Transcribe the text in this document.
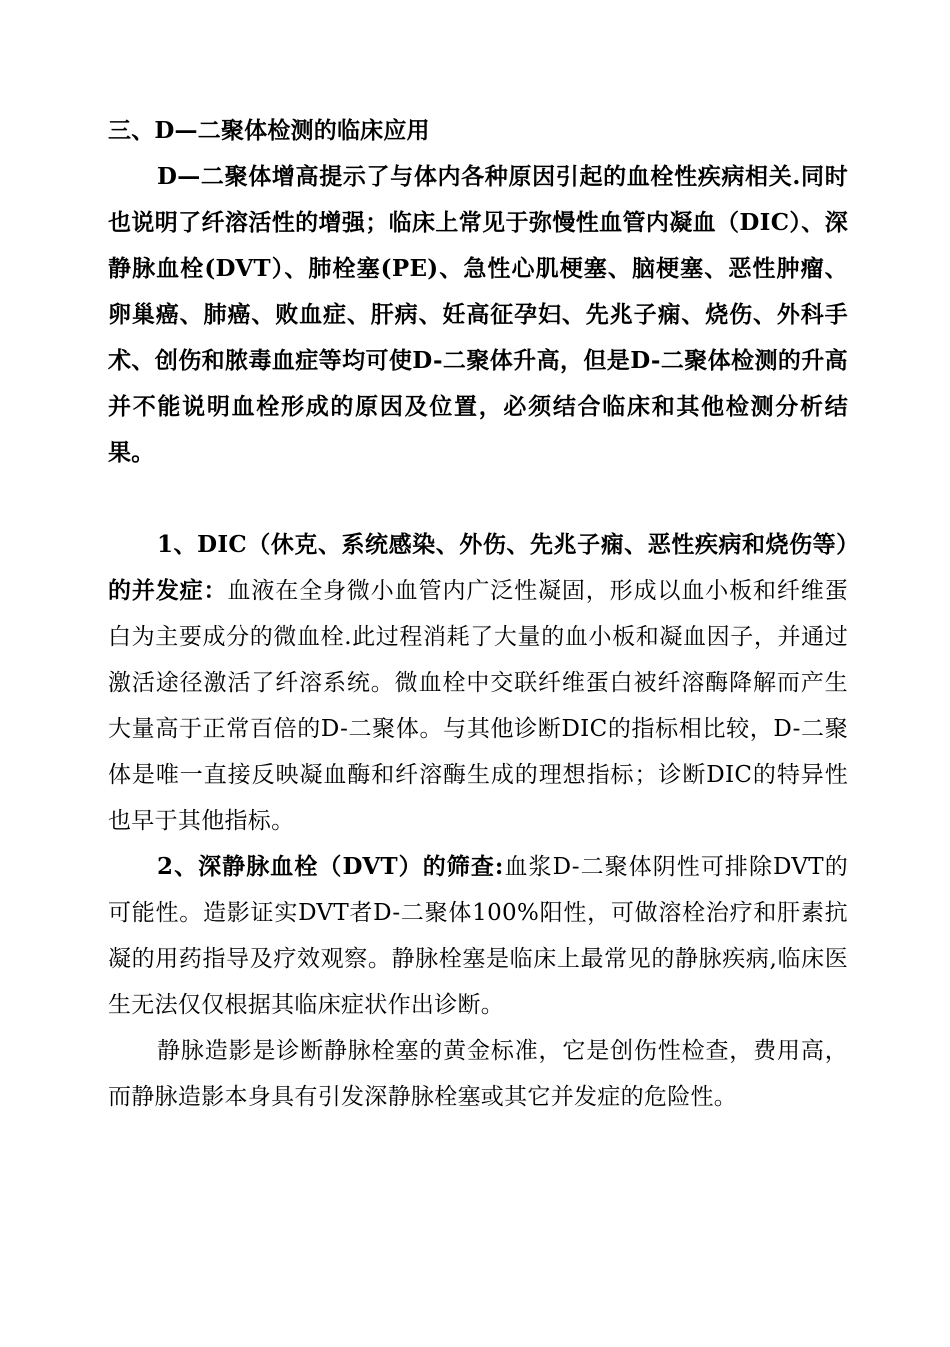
三、D—二聚体检测的临床应用

D—二聚体增高提示了与体内各种原因引起的血栓性疾病相关.同时也说明了纤溶活性的增强；临床上常见于弥慢性血管内凝血（DIC）、深静脉血栓(DVT）、肺栓塞(PE)、急性心肌梗塞、脑梗塞、恶性肿瘤、卵巢癌、肺癌、败血症、肝病、妊高征孕妇、先兆子痫、烧伤、外科手术、创伤和脓毒血症等均可使D-二聚体升高，但是D-二聚体检测的升高并不能说明血栓形成的原因及位置，必须结合临床和其他检测分析结果。

1、DIC（休克、系统感染、外伤、先兆子痫、恶性疾病和烧伤等）的并发症：血液在全身微小血管内广泛性凝固，形成以血小板和纤维蛋白为主要成分的微血栓.此过程消耗了大量的血小板和凝血因子，并通过激活途径激活了纤溶系统。微血栓中交联纤维蛋白被纤溶酶降解而产生大量高于正常百倍的D-二聚体。与其他诊断DIC的指标相比较，D-二聚体是唯一直接反映凝血酶和纤溶酶生成的理想指标；诊断DIC的特异性也早于其他指标。

2、深静脉血栓（DVT）的筛查:血浆D-二聚体阴性可排除DVT的可能性。造影证实DVT者D-二聚体100%阳性，可做溶栓治疗和肝素抗凝的用药指导及疗效观察。静脉栓塞是临床上最常见的静脉疾病,临床医生无法仅仅根据其临床症状作出诊断。

静脉造影是诊断静脉栓塞的黄金标准，它是创伤性检查，费用高，而静脉造影本身具有引发深静脉栓塞或其它并发症的危险性。
